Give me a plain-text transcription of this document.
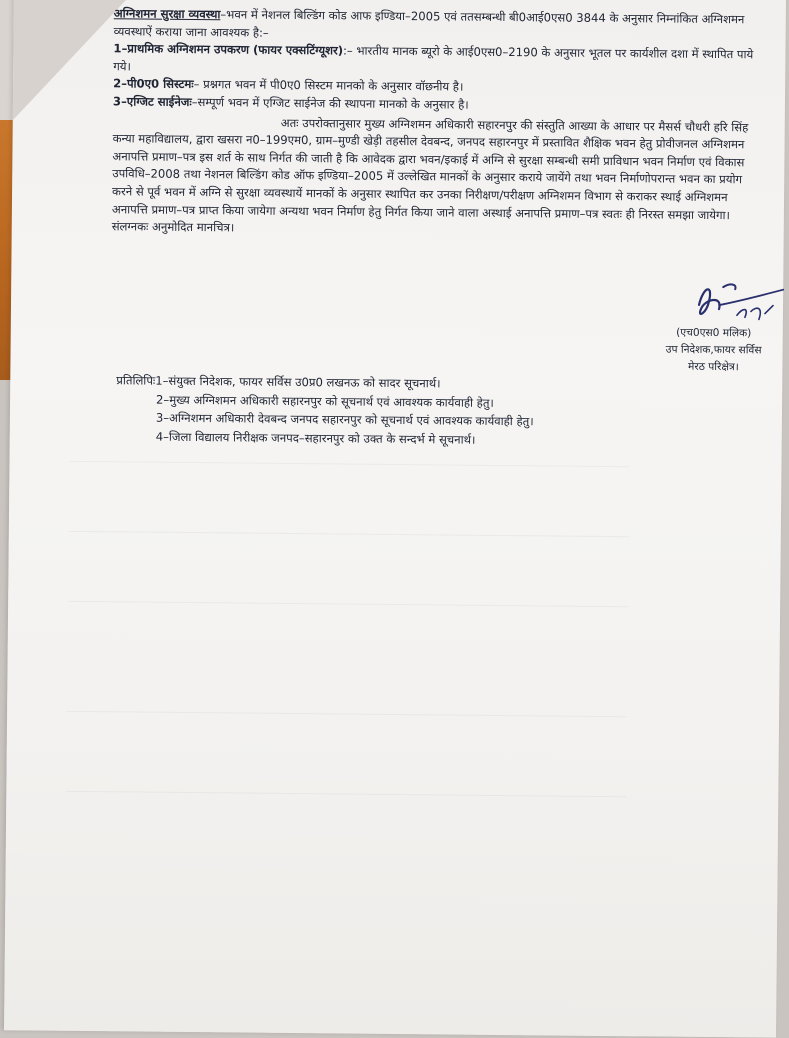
अग्निशमन सुरक्षा व्यवस्था–भवन में नेशनल बिल्डिंग कोड आफ इण्डिया–2005 एवं ततसम्बन्धी बी0आई0एस0 3844 के अनुसार निम्नांकित अग्निशमन व्यवस्थाऐं कराया जाना आवश्यक है:–

1–प्राथमिक अग्निशमन उपकरण (फायर एक्सटिंग्यूशर):– भारतीय मानक ब्यूरो के आई0एस0–2190 के अनुसार भूतल पर कार्यशील दशा में स्थापित पाये गये।

2–पी0ए0 सिस्टमः– प्रश्नगत भवन में पी0ए0 सिस्टम मानको के अनुसार वॉछनीय है।

3–एग्जिट साईनेजः–सम्पूर्ण भवन में एग्जिट साईनेज की स्थापना मानको के अनुसार है।

अतः उपरोक्तानुसार मुख्य अग्निशमन अधिकारी सहारनपुर की संस्तुति आख्या के आधार पर मैसर्स चौधरी हरि सिंह कन्या महाविद्यालय, द्वारा खसरा न0–199एम0, ग्राम–मुण्डी खेड़ी तहसील देवबन्द, जनपद सहारनपुर में प्रस्तावित शैक्षिक भवन हेतु प्रोवीजनल अग्निशमन अनापत्ति प्रमाण–पत्र इस शर्त के साथ निर्गत की जाती है कि आवेदक द्वारा भवन/इकाई में अग्नि से सुरक्षा सम्बन्धी समी प्राविधान भवन निर्माण एवं विकास उपविधि–2008 तथा नेशनल बिल्डिंग कोड ऑफ इण्डिया–2005 में उल्लेखित मानकों के अनुसार कराये जायेंगे तथा भवन निर्माणोपरान्त भवन का प्रयोग करने से पूर्व भवन में अग्नि से सुरक्षा व्यवस्थायें मानकों के अनुसार स्थापित कर उनका निरीक्षण/परीक्षण अग्निशमन विभाग से कराकर स्थाई अग्निशमन अनापत्ति प्रमाण–पत्र प्राप्त किया जायेगा अन्यथा भवन निर्माण हेतु निर्गत किया जाने वाला अस्थाई अनापत्ति प्रमाण–पत्र स्वतः ही निरस्त समझा जायेगा।

संलग्नकः अनुमोदित मानचित्र।

(एच0एस0 मलिक)
उप निदेशक,फायर सर्विस
मेरठ परिक्षेत्र।
प्रतिलिपिः1–संयुक्त निदेशक, फायर सर्विस उ0प्र0 लखनऊ को सादर सूचनार्थ।
2–मुख्य अग्निशमन अधिकारी सहारनपुर को सूचनार्थ एवं आवश्यक कार्यवाही हेतु।
3–अग्निशमन अधिकारी देवबन्द जनपद सहारनपुर को सूचनार्थ एवं आवश्यक कार्यवाही हेतु।
4–जिला विद्यालय निरीक्षक जनपद–सहारनपुर को उक्त के सन्दर्भ मे सूचनार्थ।
